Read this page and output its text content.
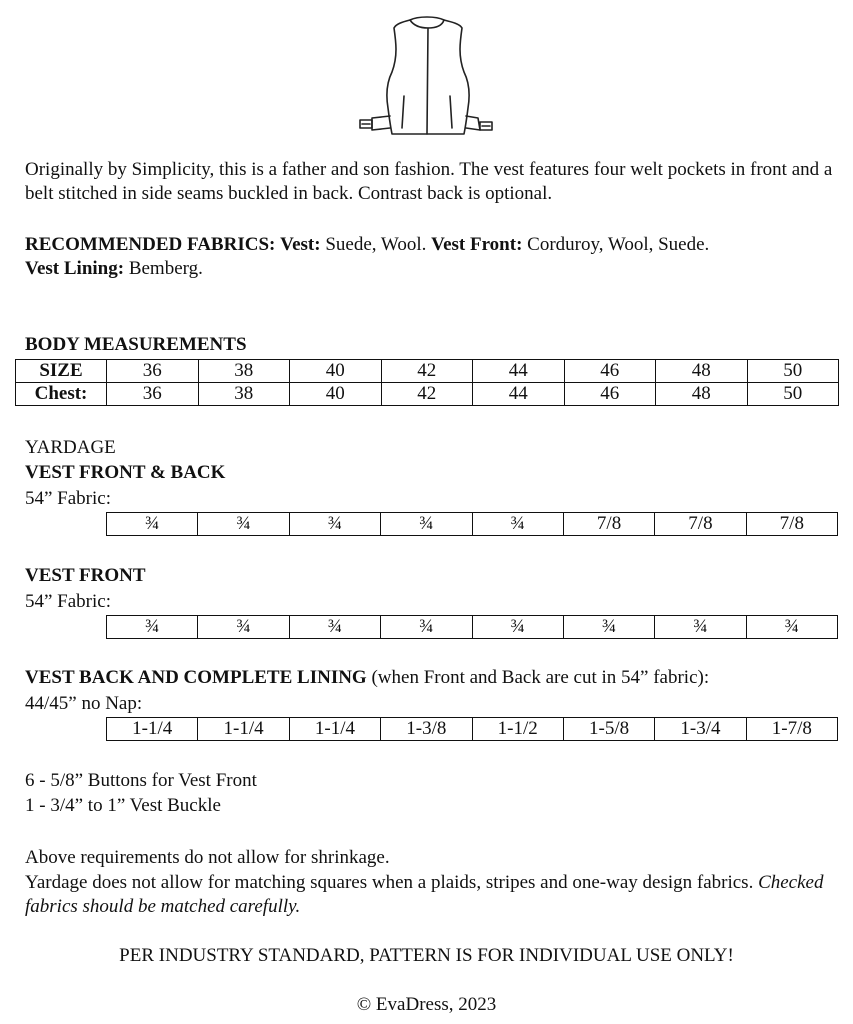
Originally by Simplicity, this is a father and son fashion. The vest features four welt pockets in front and a belt stitched in side seams buckled in back. Contrast back is optional.

RECOMMENDED FABRICS: Vest: Suede, Wool. Vest Front: Corduroy, Wool, Suede.
Vest Lining: Bemberg.

BODY MEASUREMENTS
SIZE	36	38	40	42	44	46	48	50
Chest:	36	38	40	42	44	46	48	50
YARDAGE
VEST FRONT & BACK
54” Fabric:
¾	¾	¾	¾	¾	7/8	7/8	7/8
VEST FRONT
54” Fabric:
¾	¾	¾	¾	¾	¾	¾	¾
VEST BACK AND COMPLETE LINING (when Front and Back are cut in 54” fabric):
44/45” no Nap:
1-1/4	1-1/4	1-1/4	1-3/8	1-1/2	1-5/8	1-3/4	1-7/8
6 - 5/8” Buttons for Vest Front
1 - 3/4” to 1” Vest Buckle
Above requirements do not allow for shrinkage.

Yardage does not allow for matching squares when a plaids, stripes and one-way design fabrics. Checked fabrics should be matched carefully.

PER INDUSTRY STANDARD, PATTERN IS FOR INDIVIDUAL USE ONLY!
© EvaDress, 2023
